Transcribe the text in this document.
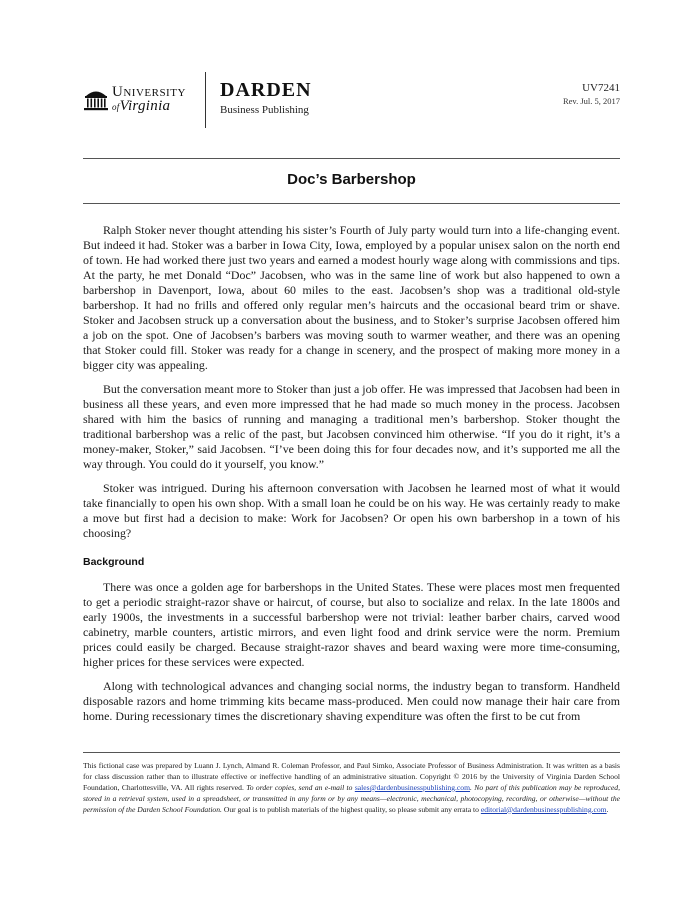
University
ofVirginia
DARDEN
Business Publishing
UV7241
Rev. Jul. 5, 2017
Doc’s Barbershop

Ralph Stoker never thought attending his sister’s Fourth of July party would turn into a life-changing event. But indeed it had. Stoker was a barber in Iowa City, Iowa, employed by a popular unisex salon on the north end of town. He had worked there just two years and earned a modest hourly wage along with commissions and tips. At the party, he met Donald “Doc” Jacobsen, who was in the same line of work but also happened to own a barbershop in Davenport, Iowa, about 60 miles to the east. Jacobsen’s shop was a traditional old-style barbershop. It had no frills and offered only regular men’s haircuts and the occasional beard trim or shave. Stoker and Jacobsen struck up a conversation about the business, and to Stoker’s surprise Jacobsen offered him a job on the spot. One of Jacobsen’s barbers was moving south to warmer weather, and there was an opening that Stoker could fill. Stoker was ready for a change in scenery, and the prospect of making more money in a bigger city was appealing.

But the conversation meant more to Stoker than just a job offer. He was impressed that Jacobsen had been in business all these years, and even more impressed that he had made so much money in the process. Jacobsen shared with him the basics of running and managing a traditional men’s barbershop. Stoker thought the traditional barbershop was a relic of the past, but Jacobsen convinced him otherwise. “If you do it right, it’s a money-maker, Stoker,” said Jacobsen. “I’ve been doing this for four decades now, and it’s supported me all the way through. You could do it yourself, you know.”

Stoker was intrigued. During his afternoon conversation with Jacobsen he learned most of what it would take financially to open his own shop. With a small loan he could be on his way. He was certainly ready to make a move but first had a decision to make: Work for Jacobsen? Or open his own barbershop in a town of his choosing?

Background

There was once a golden age for barbershops in the United States. These were places most men frequented to get a periodic straight-razor shave or haircut, of course, but also to socialize and relax. In the late 1800s and early 1900s, the investments in a successful barbershop were not trivial: leather barber chairs, carved wood cabinetry, marble counters, artistic mirrors, and even light food and drink service were the norm. Premium prices could easily be charged. Because straight-razor shaves and beard waxing were more time-consuming, higher prices for these services were expected.

Along with technological advances and changing social norms, the industry began to transform. Handheld disposable razors and home trimming kits became mass-produced. Men could now manage their hair care from home. During recessionary times the discretionary shaving expenditure was often the first to be cut from

This fictional case was prepared by Luann J. Lynch, Almand R. Coleman Professor, and Paul Simko, Associate Professor of Business Administration. It was written as a basis for class discussion rather than to illustrate effective or ineffective handling of an administrative situation. Copyright © 2016 by the University of Virginia Darden School Foundation, Charlottesville, VA. All rights reserved. To order copies, send an e-mail to sales@dardenbusinesspublishing.com. No part of this publication may be reproduced, stored in a retrieval system, used in a spreadsheet, or transmitted in any form or by any means—electronic, mechanical, photocopying, recording, or otherwise—without the permission of the Darden School Foundation. Our goal is to publish materials of the highest quality, so please submit any errata to editorial@dardenbusinesspublishing.com.
